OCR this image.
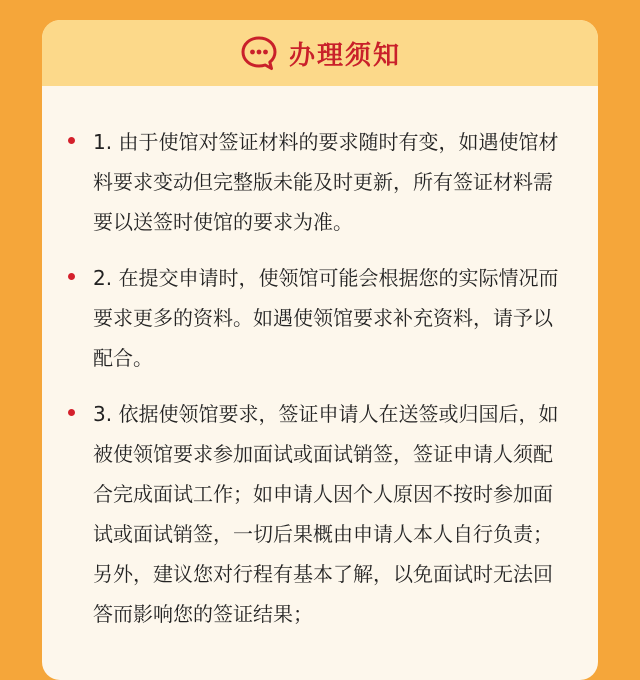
办理须知
1. 由于使馆对签证材料的要求随时有变，如遇使馆材料要求变动但完整版未能及时更新，所有签证材料需要以送签时使馆的要求为准。
2. 在提交申请时，使领馆可能会根据您的实际情况而要求更多的资料。如遇使领馆要求补充资料，请予以配合。
3. 依据使领馆要求，签证申请人在送签或归国后，如被使领馆要求参加面试或面试销签，签证申请人须配合完成面试工作；如申请人因个人原因不按时参加面试或面试销签，一切后果概由申请人本人自行负责；另外，建议您对行程有基本了解，以免面试时无法回答而影响您的签证结果；
